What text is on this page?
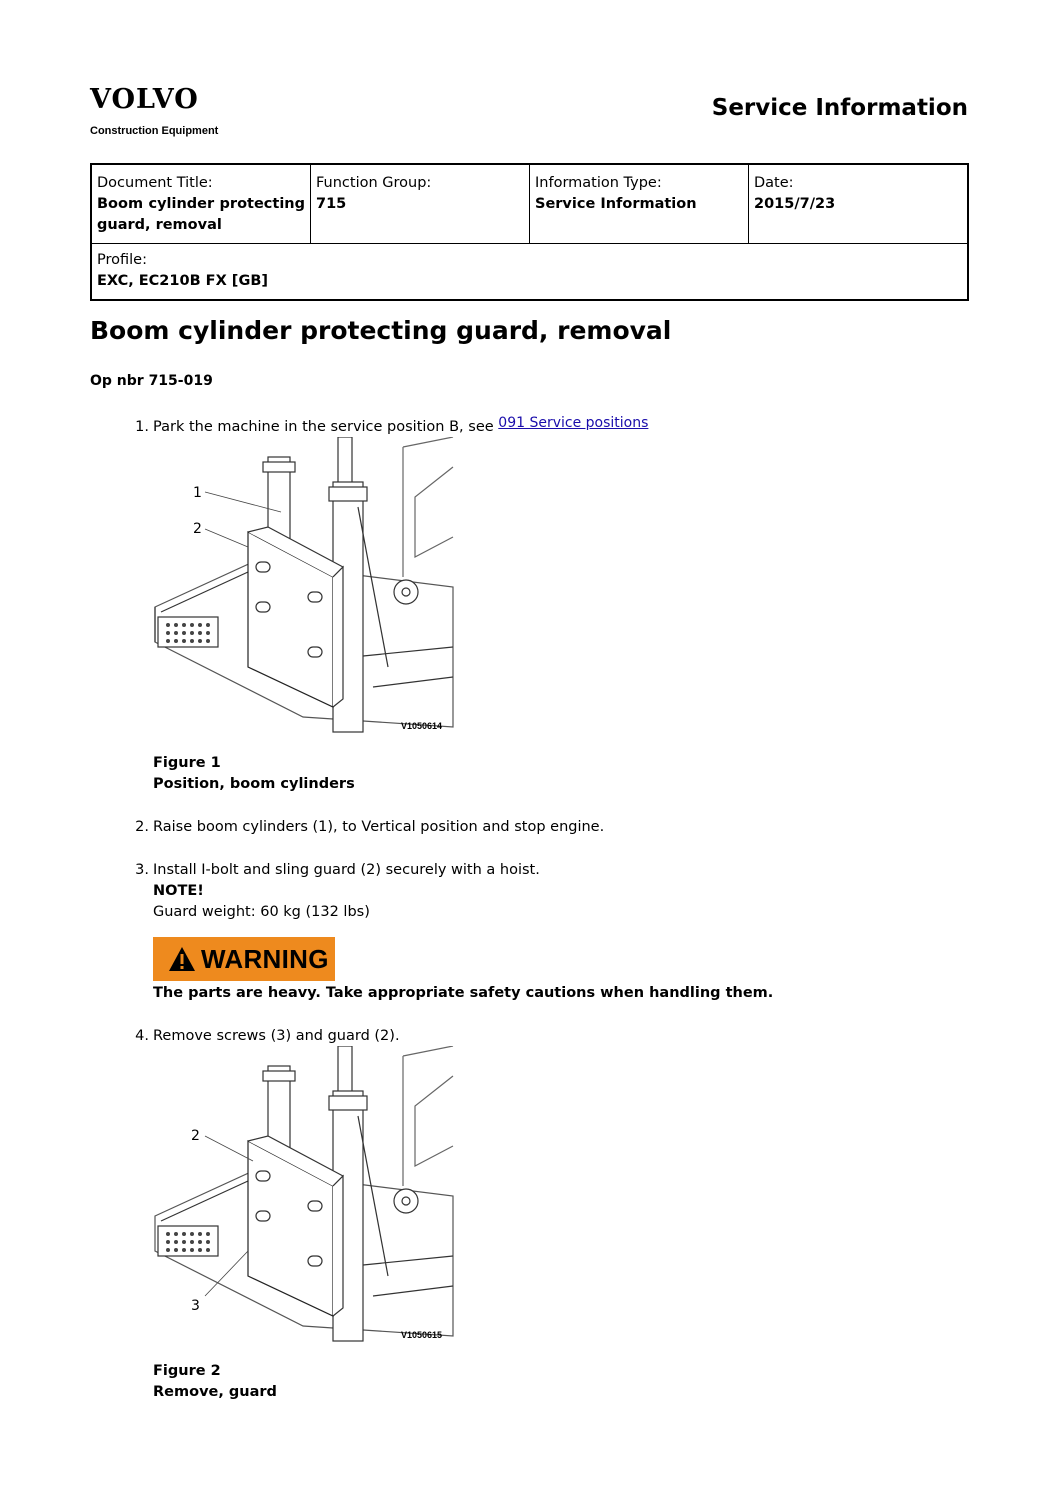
VOLVO
Construction Equipment
Service Information
Document Title:
Boom cylinder protecting guard, removal

Function Group:
715

Information Type:
Service Information

Date:
2015/7/23

Profile:
EXC, EC210B FX [GB]
Boom cylinder protecting guard, removal
Op nbr 715-019
1. Park the machine in the service position B, see 091 Service positions
1
2
V1050614
Figure 1
Position, boom cylinders
2. Raise boom cylinders (1), to Vertical position and stop engine.
3. Install I-bolt and sling guard (2) securely with a hoist.
NOTE!
Guard weight: 60 kg (132 lbs)
WARNING
The parts are heavy. Take appropriate safety cautions when handling them.
4. Remove screws (3) and guard (2).
2
3
V1050615
Figure 2
Remove, guard
